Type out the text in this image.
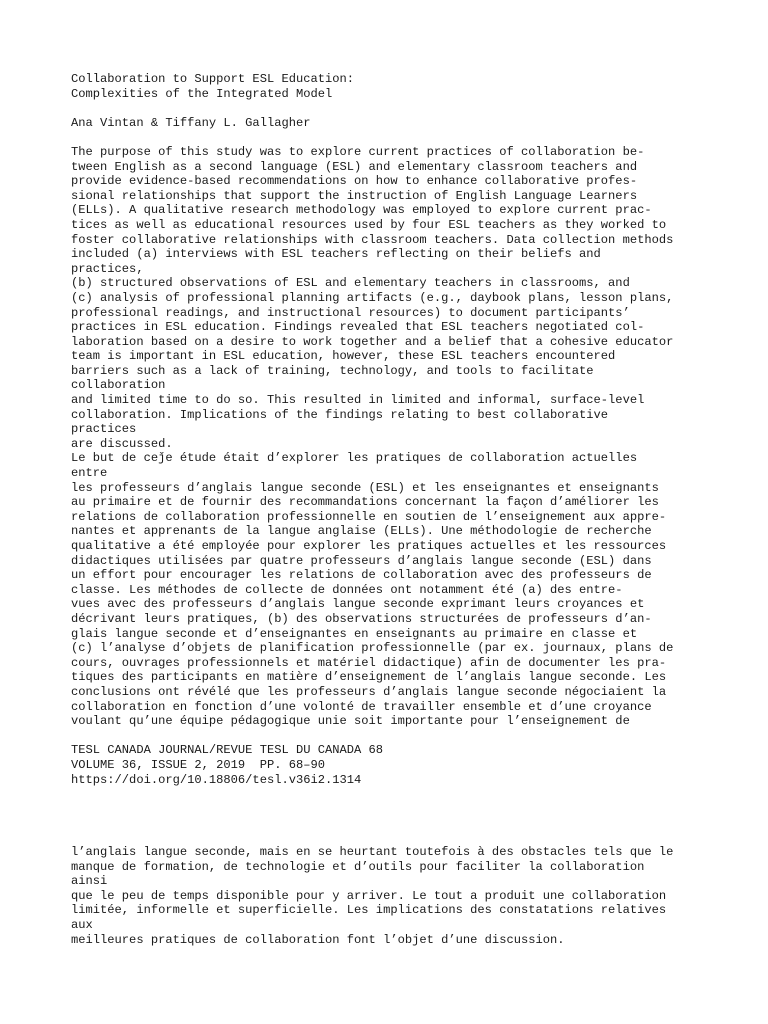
Collaboration to Support ESL Education:
Complexities of the Integrated Model
Ana Vintan & Tiffany L. Gallagher
The purpose of this study was to explore current practices of collaboration be-
tween English as a second language (ESL) and elementary classroom teachers and
provide evidence-based recommendations on how to enhance collaborative profes-
sional relationships that support the instruction of English Language Learners
(ELLs). A qualitative research methodology was employed to explore current prac-
tices as well as educational resources used by four ESL teachers as they worked to
foster collaborative relationships with classroom teachers. Data collection methods
included (a) interviews with ESL teachers reflecting on their beliefs and
practices,
(b) structured observations of ESL and elementary teachers in classrooms, and
(c) analysis of professional planning artifacts (e.g., daybook plans, lesson plans,
professional readings, and instructional resources) to document participants’
practices in ESL education. Findings revealed that ESL teachers negotiated col-
laboration based on a desire to work together and a belief that a cohesive educator
team is important in ESL education, however, these ESL teachers encountered
barriers such as a lack of training, technology, and tools to facilitate
collaboration
and limited time to do so. This resulted in limited and informal, surface-level
collaboration. Implications of the findings relating to best collaborative
practices
are discussed.
Le but de ceǰe étude était d’explorer les pratiques de collaboration actuelles
entre
les professeurs d’anglais langue seconde (ESL) et les enseignantes et enseignants
au primaire et de fournir des recommandations concernant la façon d’améliorer les
relations de collaboration professionnelle en soutien de l’enseignement aux appre-
nantes et apprenants de la langue anglaise (ELLs). Une méthodologie de recherche
qualitative a été employée pour explorer les pratiques actuelles et les ressources
didactiques utilisées par quatre professeurs d’anglais langue seconde (ESL) dans
un effort pour encourager les relations de collaboration avec des professeurs de
classe. Les méthodes de collecte de données ont notamment été (a) des entre-
vues avec des professeurs d’anglais langue seconde exprimant leurs croyances et
décrivant leurs pratiques, (b) des observations structurées de professeurs d’an-
glais langue seconde et d’enseignantes en enseignants au primaire en classe et
(c) l’analyse d’objets de planification professionnelle (par ex. journaux, plans de
cours, ouvrages professionnels et matériel didactique) afin de documenter les pra-
tiques des participants en matière d’enseignement de l’anglais langue seconde. Les
conclusions ont révélé que les professeurs d’anglais langue seconde négociaient la
collaboration en fonction d’une volonté de travailler ensemble et d’une croyance
voulant qu’une équipe pédagogique unie soit importante pour l’enseignement de
TESL CANADA JOURNAL/REVUE TESL DU CANADA 68
VOLUME 36, ISSUE 2, 2019  PP. 68–90
https://doi.org/10.18806/tesl.v36i2.1314
l’anglais langue seconde, mais en se heurtant toutefois à des obstacles tels que le
manque de formation, de technologie et d’outils pour faciliter la collaboration
ainsi
que le peu de temps disponible pour y arriver. Le tout a produit une collaboration
limitée, informelle et superficielle. Les implications des constatations relatives
aux
meilleures pratiques de collaboration font l’objet d’une discussion.
